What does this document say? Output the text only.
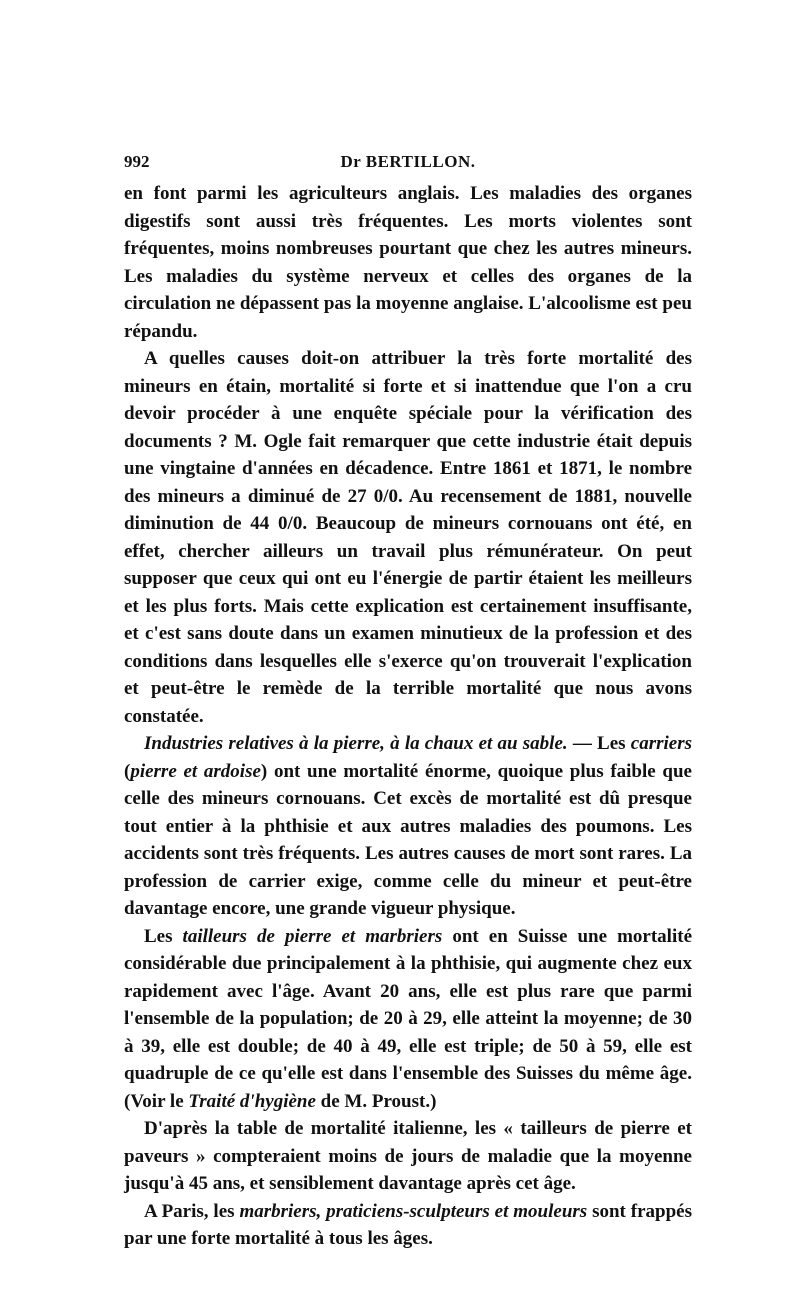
992	Dr BERTILLON.

en font parmi les agriculteurs anglais. Les maladies des organes digestifs sont aussi très fréquentes. Les morts violentes sont fréquentes, moins nombreuses pourtant que chez les autres mineurs. Les maladies du système nerveux et celles des organes de la circulation ne dépassent pas la moyenne anglaise. L'alcoolisme est peu répandu.

A quelles causes doit-on attribuer la très forte mortalité des mineurs en étain, mortalité si forte et si inattendue que l'on a cru devoir procéder à une enquête spéciale pour la vérification des documents ? M. Ogle fait remarquer que cette industrie était depuis une vingtaine d'années en décadence. Entre 1861 et 1871, le nombre des mineurs a diminué de 27 0/0. Au recensement de 1881, nouvelle diminution de 44 0/0. Beaucoup de mineurs cornouans ont été, en effet, chercher ailleurs un travail plus rémunérateur. On peut supposer que ceux qui ont eu l'énergie de partir étaient les meilleurs et les plus forts. Mais cette explication est certainement insuffisante, et c'est sans doute dans un examen minutieux de la profession et des conditions dans lesquelles elle s'exerce qu'on trouverait l'explication et peut-être le remède de la terrible mortalité que nous avons constatée.

Industries relatives à la pierre, à la chaux et au sable. — Les carriers (pierre et ardoise) ont une mortalité énorme, quoique plus faible que celle des mineurs cornouans. Cet excès de mortalité est dû presque tout entier à la phthisie et aux autres maladies des poumons. Les accidents sont très fréquents. Les autres causes de mort sont rares. La profession de carrier exige, comme celle du mineur et peut-être davantage encore, une grande vigueur physique.

Les tailleurs de pierre et marbriers ont en Suisse une mortalité considérable due principalement à la phthisie, qui augmente chez eux rapidement avec l'âge. Avant 20 ans, elle est plus rare que parmi l'ensemble de la population; de 20 à 29, elle atteint la moyenne; de 30 à 39, elle est double; de 40 à 49, elle est triple; de 50 à 59, elle est quadruple de ce qu'elle est dans l'ensemble des Suisses du même âge. (Voir le Traité d'hygiène de M. Proust.)

D'après la table de mortalité italienne, les « tailleurs de pierre et paveurs » compteraient moins de jours de maladie que la moyenne jusqu'à 45 ans, et sensiblement davantage après cet âge.

A Paris, les marbriers, praticiens-sculpteurs et mouleurs sont frappés par une forte mortalité à tous les âges.
